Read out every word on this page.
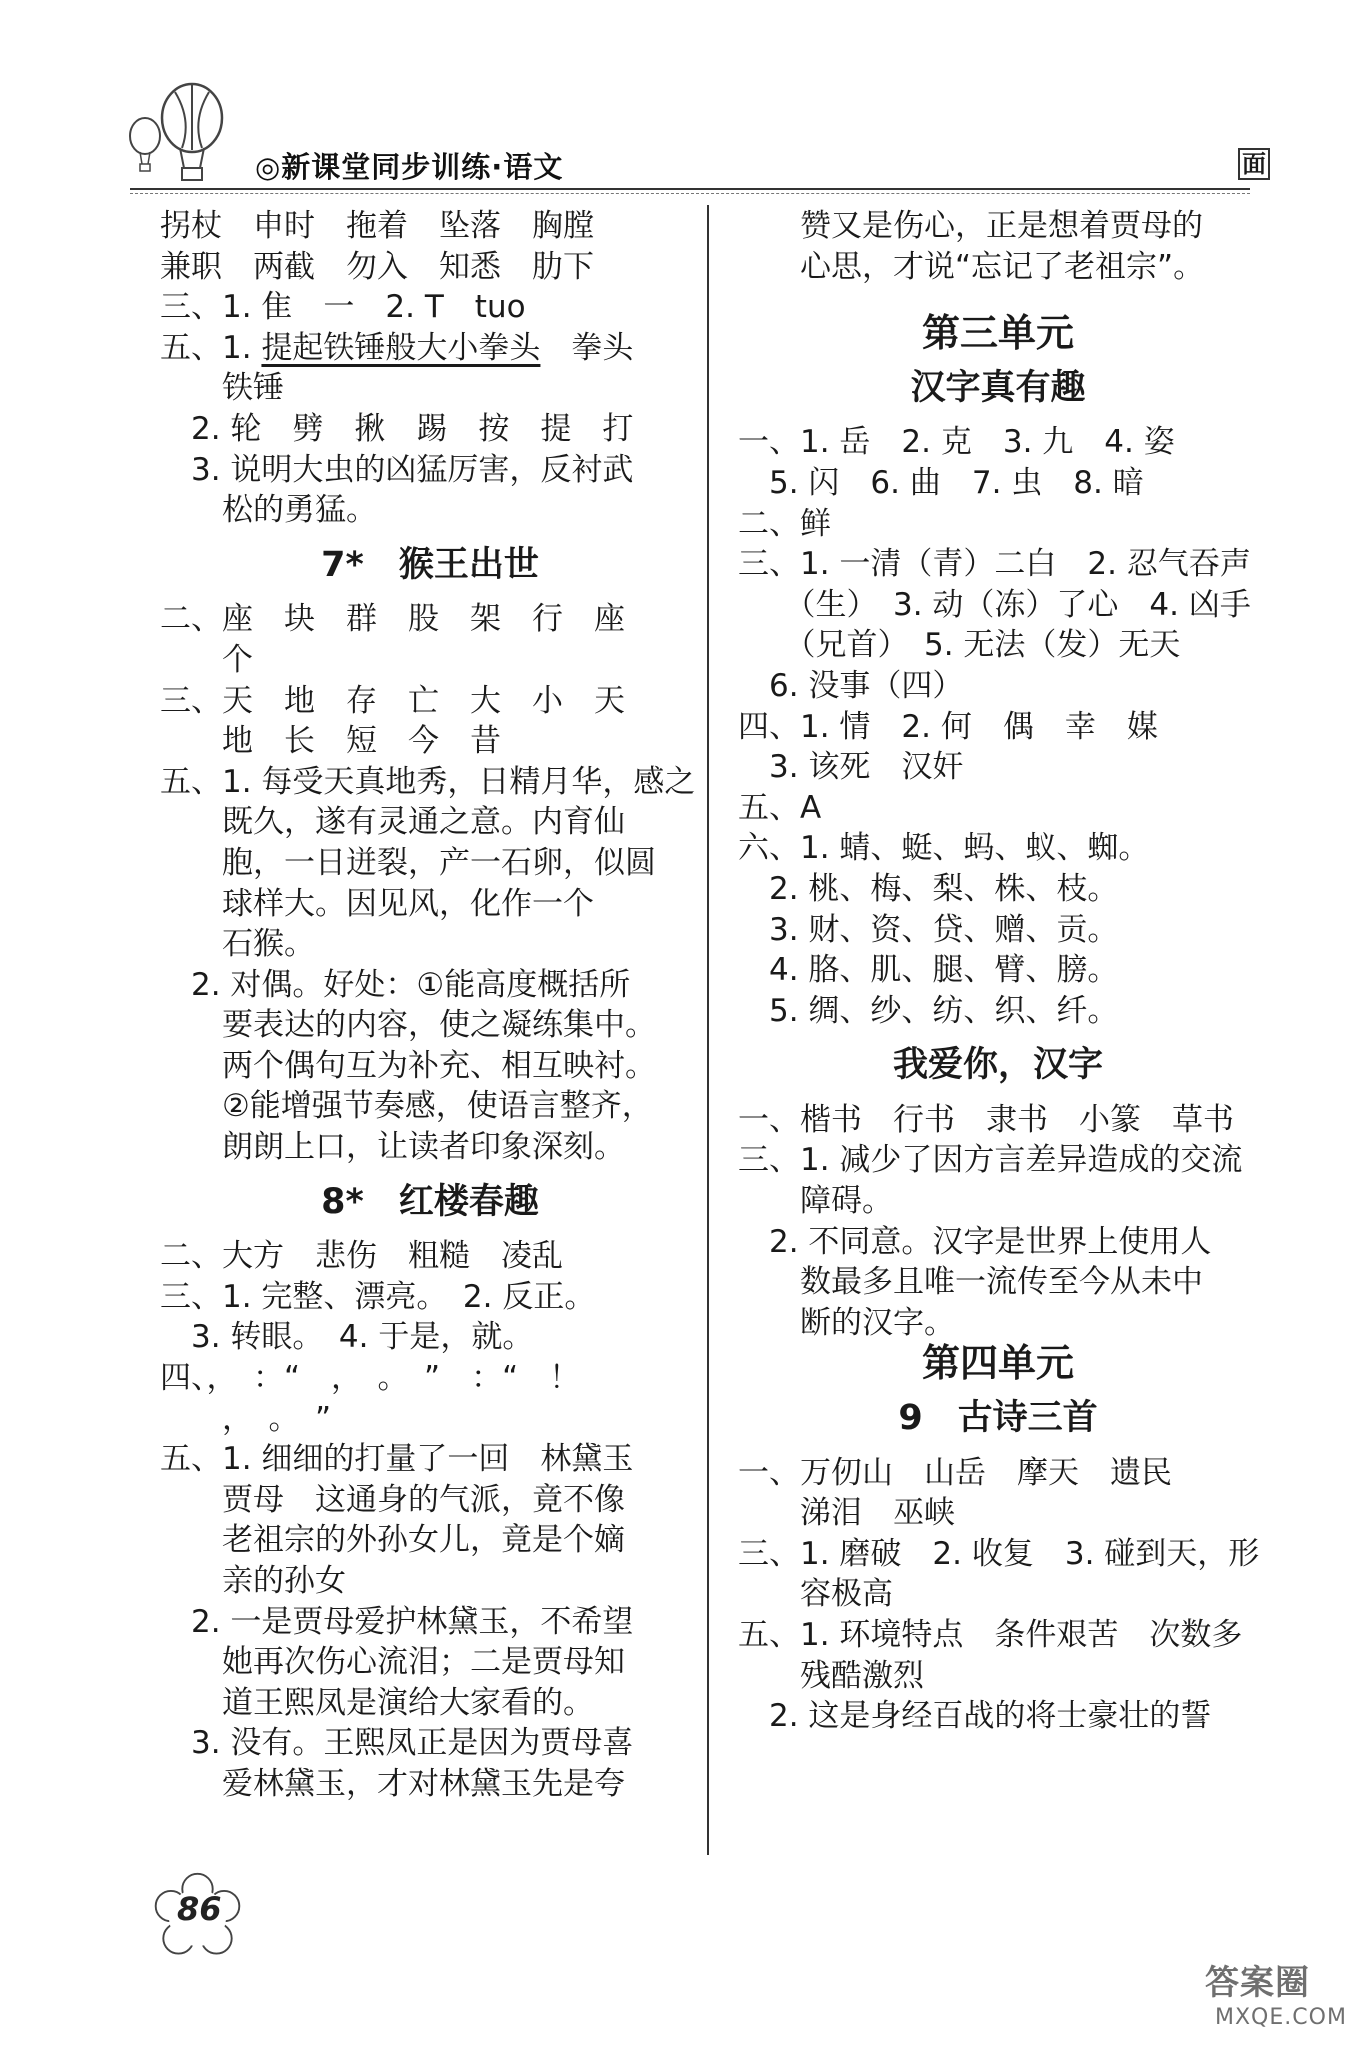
◎新课堂同步训练·语文	面
拐杖　申时　拖着　坠落　胸膛
兼职　两截　勿入　知悉　肋下
三、1. 隹　一　2. T　tuo
五、1. 提起铁锤般大小拳头　拳头
　　铁锤
　2. 轮　劈　揪　踢　按　提　打
　3. 说明大虫的凶猛厉害，反衬武
　　松的勇猛。
7*　猴王出世
二、座　块　群　股　架　行　座
　　个
三、天　地　存　亡　大　小　天
　　地　长　短　今　昔
五、1. 每受天真地秀，日精月华，感之
　　既久，遂有灵通之意。内育仙
　　胞，一日迸裂，产一石卵，似圆
　　球样大。因见风，化作一个
　　石猴。
　2. 对偶。好处：①能高度概括所
　　要表达的内容，使之凝练集中。
　　两个偶句互为补充、相互映衬。
　　②能增强节奏感，使语言整齐，
　　朗朗上口，让读者印象深刻。
8*　红楼春趣
二、大方　悲伤　粗糙　凌乱
三、1. 完整、漂亮。　2. 反正。
　3. 转眼。　4. 于是，就。
四、，　：“　，　。　”　：“　！
　　，　。　”
五、1. 细细的打量了一回　林黛玉
　　贾母　这通身的气派，竟不像
　　老祖宗的外孙女儿，竟是个嫡
　　亲的孙女
　2. 一是贾母爱护林黛玉，不希望
　　她再次伤心流泪；二是贾母知
　　道王熙凤是演给大家看的。
　3. 没有。王熙凤正是因为贾母喜
　　爱林黛玉，才对林黛玉先是夸
　　赞又是伤心，正是想着贾母的
　　心思，才说“忘记了老祖宗”。
第三单元
汉字真有趣
一、1. 岳　2. 克　3. 九　4. 姿
　5. 闪　6. 曲　7. 虫　8. 暗
二、鲜
三、1. 一清（青）二白　2. 忍气吞声
　　（生）　3. 动（冻）了心　4. 凶手
　　（兄首）　5. 无法（发）无天
　6. 没事（四）
四、1. 情　2. 何　偶　幸　媒
　3. 该死　汉奸
五、A
六、1. 蜻、蜓、蚂、蚁、蜘。
　2. 桃、梅、梨、株、枝。
　3. 财、资、贷、赠、贡。
　4. 胳、肌、腿、臂、膀。
　5. 绸、纱、纺、织、纤。
我爱你，汉字
一、楷书　行书　隶书　小篆　草书
三、1. 减少了因方言差异造成的交流
　　障碍。
　2. 不同意。汉字是世界上使用人
　　数最多且唯一流传至今从未中
　　断的汉字。
第四单元
9　古诗三首
一、万仞山　山岳　摩天　遗民
　　涕泪　巫峡
三、1. 磨破　2. 收复　3. 碰到天，形
　　容极高
五、1. 环境特点　条件艰苦　次数多
　　残酷激烈
　2. 这是身经百战的将士豪壮的誓
86
答案圈
MXQE.COM
